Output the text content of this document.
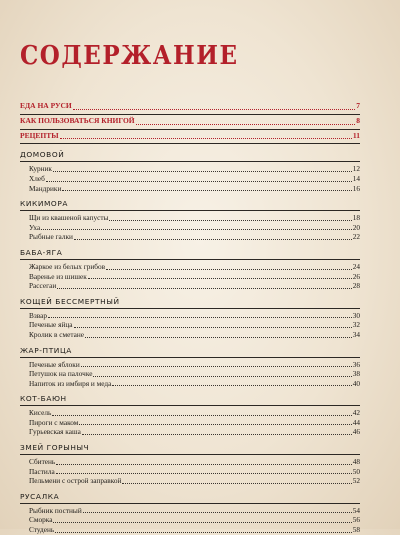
СОДЕРЖАНИЕ
ЕДА НА РУСИ	7
КАК ПОЛЬЗОВАТЬСЯ КНИГОЙ	8
РЕЦЕПТЫ	11
ДОМОВОЙ
Курник	12
Хлеб	14
Мандрики	16
КИКИМОРА
Щи из квашеной капусты	18
Уха	20
Рыбные галки	22
БАБА-ЯГА
Жаркое из белых грибов	24
Варенье из шишек	26
Рассегаи	28
КОЩЕЙ БЕССМЕРТНЫЙ
Взвар	30
Печеные яйца	32
Кролик в сметане	34
ЖАР-ПТИЦА
Печеные яблоки	36
Петушок на палочке	38
Напиток из имбиря и меда	40
КОТ-БАЮН
Кисель	42
Пироги с маком	44
Гурьевская каша	46
ЗМЕЙ ГОРЫНЫЧ
Сбитень	48
Пастила	50
Пельмени с острой заправкой	52
РУСАЛКА
Рыбник постный	54
Сморка	56
Студень	58
